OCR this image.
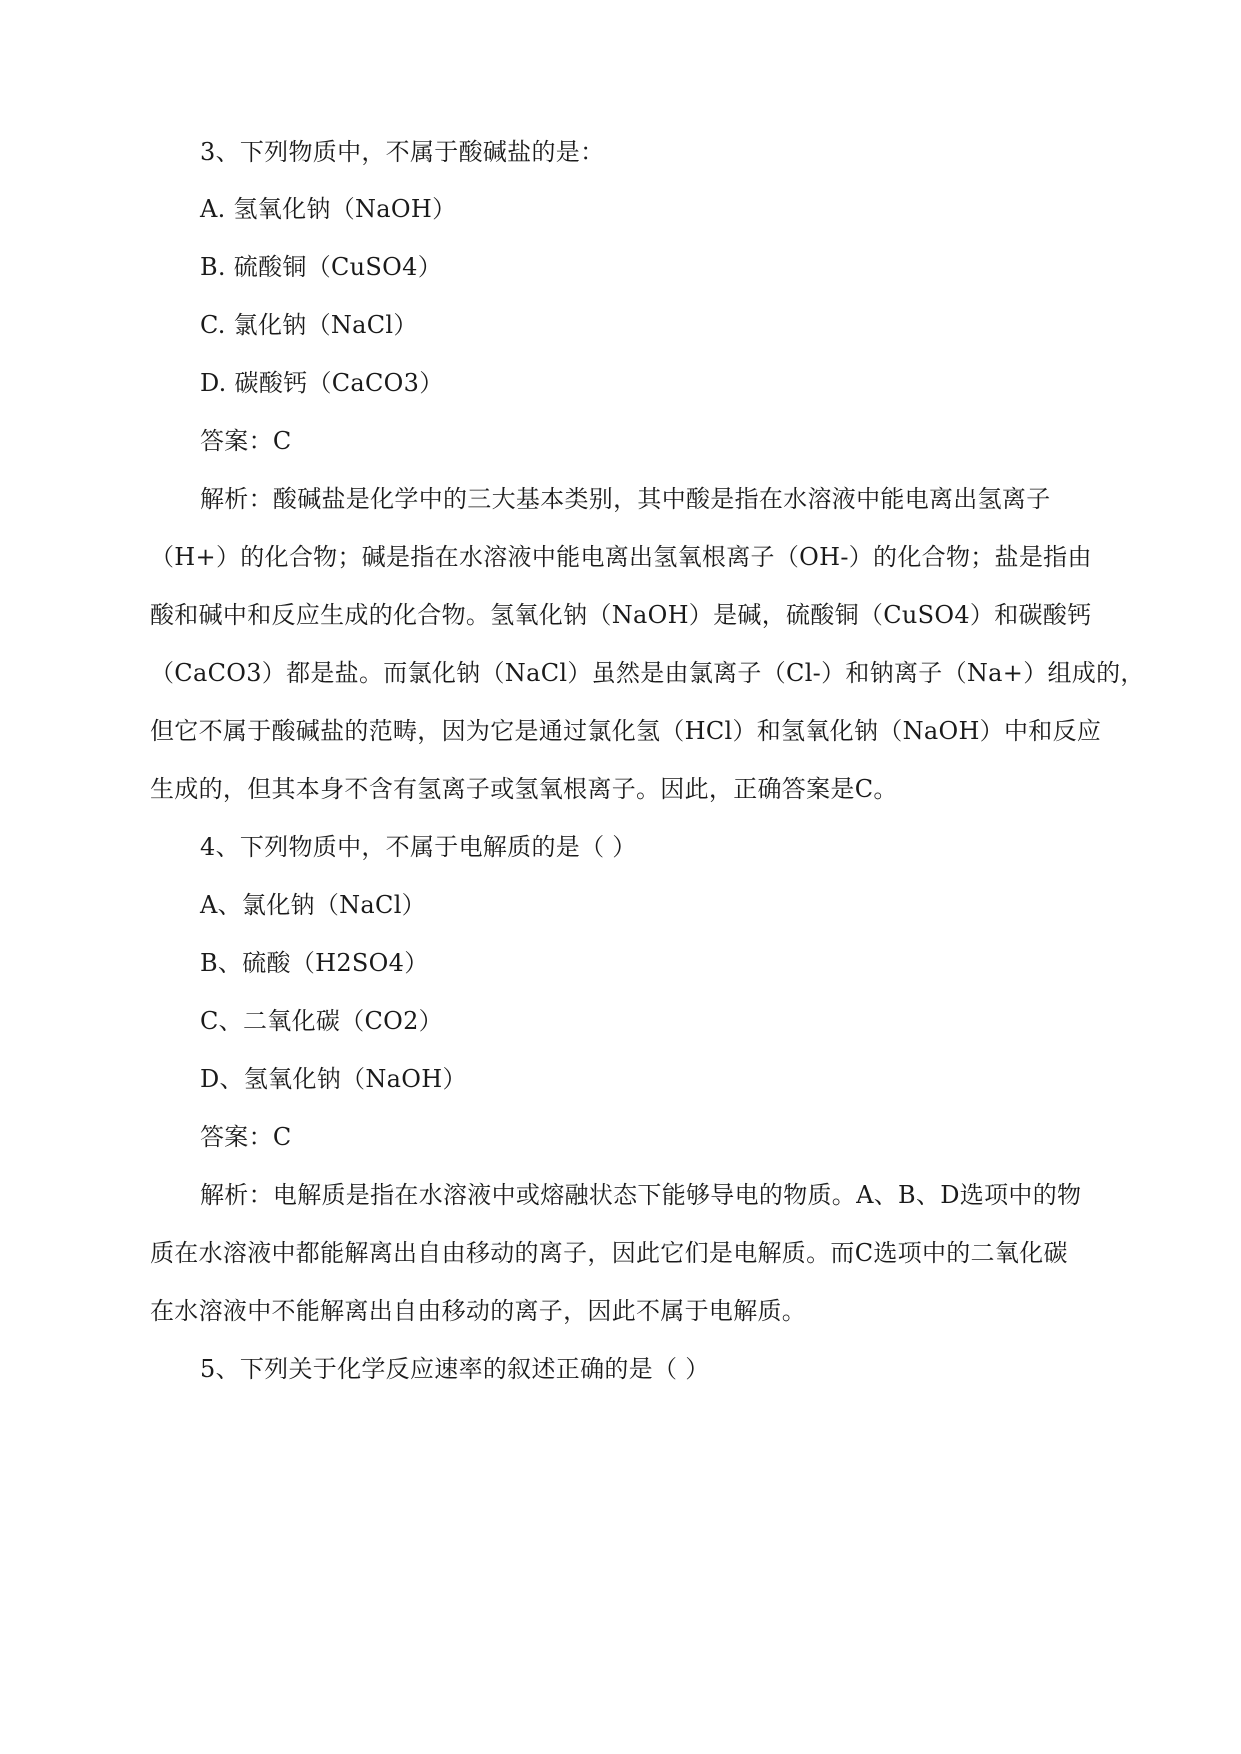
3、下列物质中，不属于酸碱盐的是：
A. 氢氧化钠（NaOH）
B. 硫酸铜（CuSO4）
C. 氯化钠（NaCl）
D. 碳酸钙（CaCO3）
答案：C
解析：酸碱盐是化学中的三大基本类别，其中酸是指在水溶液中能电离出氢离子
（H+）的化合物；碱是指在水溶液中能电离出氢氧根离子（OH-）的化合物；盐是指由
酸和碱中和反应生成的化合物。氢氧化钠（NaOH）是碱，硫酸铜（CuSO4）和碳酸钙
（CaCO3）都是盐。而氯化钠（NaCl）虽然是由氯离子（Cl-）和钠离子（Na+）组成的，
但它不属于酸碱盐的范畴，因为它是通过氯化氢（HCl）和氢氧化钠（NaOH）中和反应
生成的，但其本身不含有氢离子或氢氧根离子。因此，正确答案是C。
4、下列物质中，不属于电解质的是（ ）
A、氯化钠（NaCl）
B、硫酸（H2SO4）
C、二氧化碳（CO2）
D、氢氧化钠（NaOH）
答案：C
解析：电解质是指在水溶液中或熔融状态下能够导电的物质。A、B、D选项中的物
质在水溶液中都能解离出自由移动的离子，因此它们是电解质。而C选项中的二氧化碳
在水溶液中不能解离出自由移动的离子，因此不属于电解质。
5、下列关于化学反应速率的叙述正确的是（ ）
